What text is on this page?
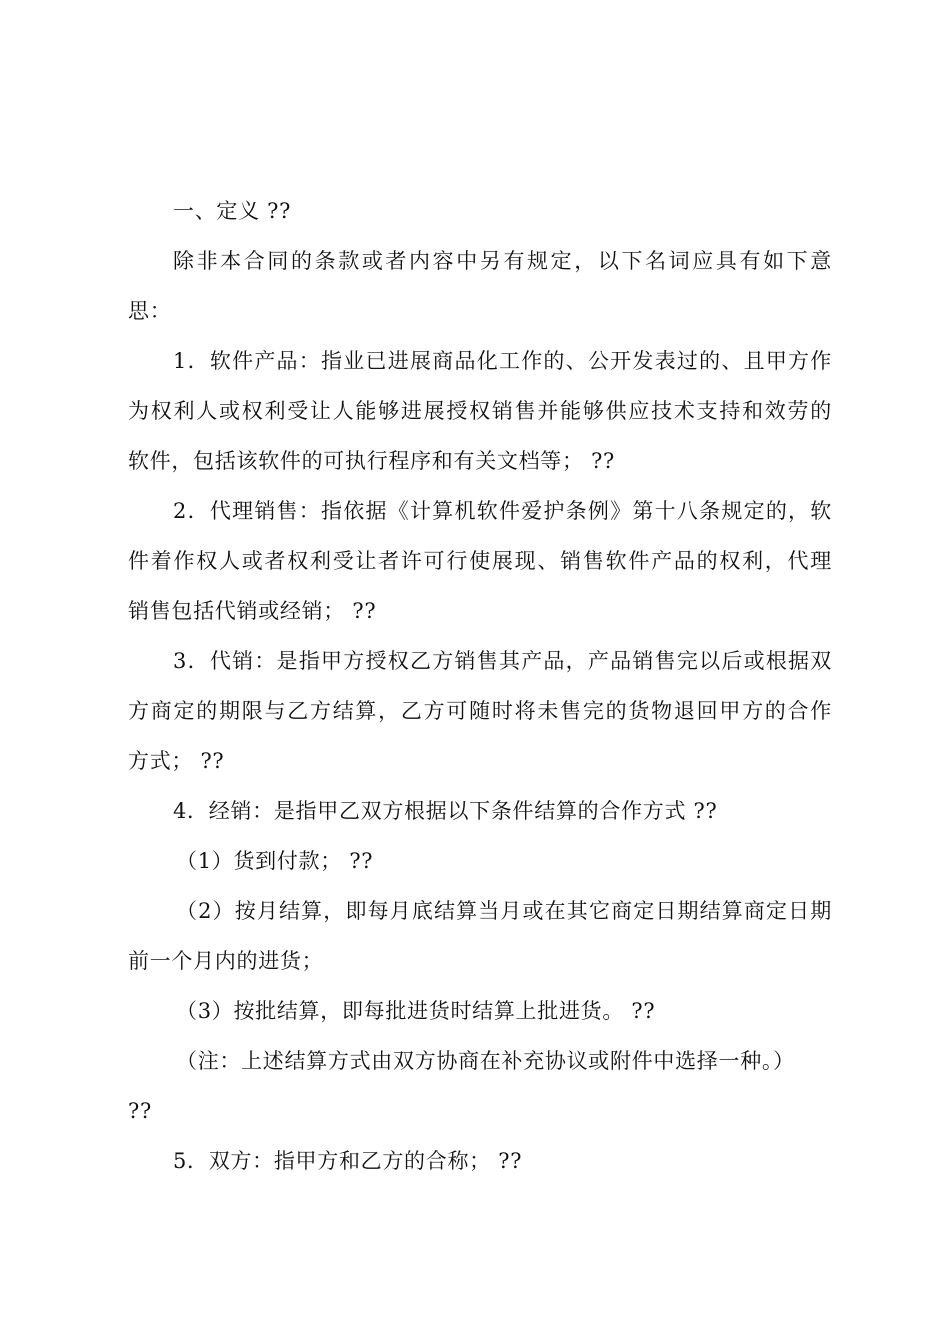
一、定义 ??
除非本合同的条款或者内容中另有规定，以下名词应具有如下意
思：
1．软件产品：指业已进展商品化工作的、公开发表过的、且甲方作
为权利人或权利受让人能够进展授权销售并能够供应技术支持和效劳的
软件，包括该软件的可执行程序和有关文档等； ??
2．代理销售：指依据《计算机软件爱护条例》第十八条规定的，软
件着作权人或者权利受让者许可行使展现、销售软件产品的权利，代理
销售包括代销或经销； ??
3．代销：是指甲方授权乙方销售其产品，产品销售完以后或根据双
方商定的期限与乙方结算，乙方可随时将未售完的货物退回甲方的合作
方式； ??
4．经销：是指甲乙双方根据以下条件结算的合作方式 ??
（1）货到付款； ??
（2）按月结算，即每月底结算当月或在其它商定日期结算商定日期
前一个月内的进货；
（3）按批结算，即每批进货时结算上批进货。 ??
（注：上述结算方式由双方协商在补充协议或附件中选择一种。）
??
5．双方：指甲方和乙方的合称； ??
